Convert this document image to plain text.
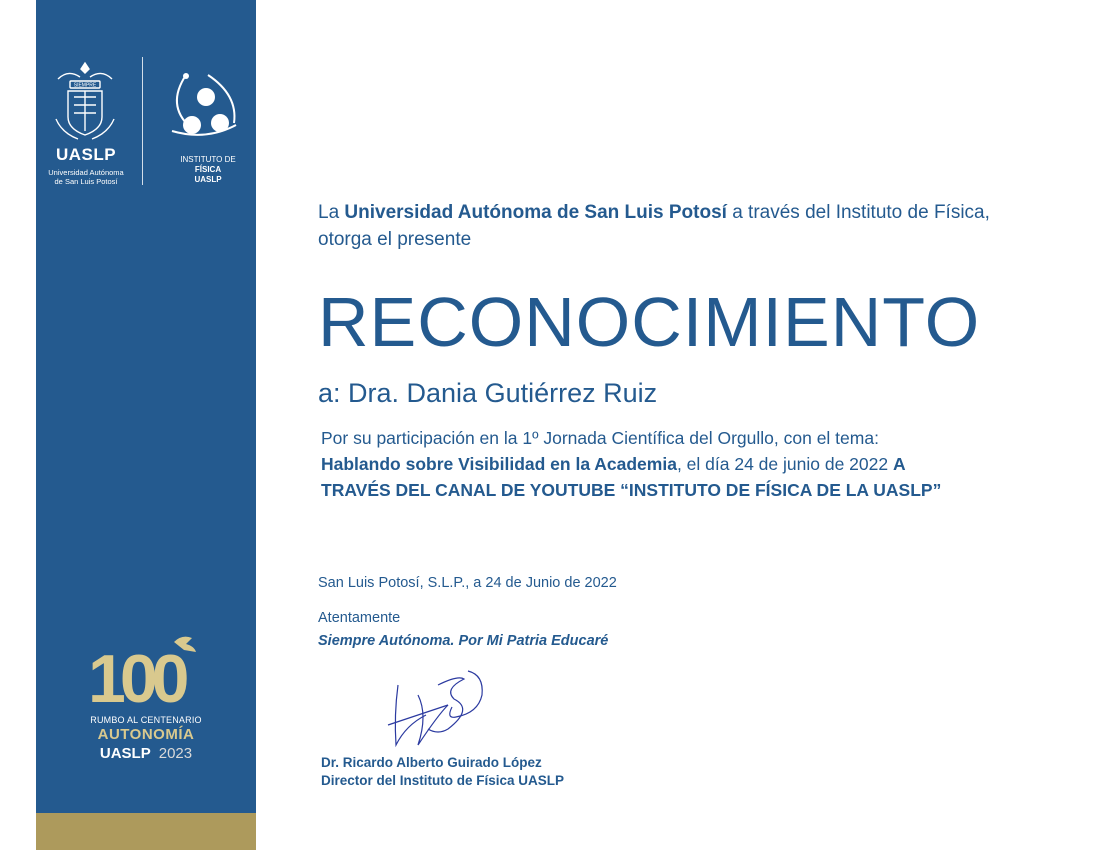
SIEMPRE
UASLP
Universidad Autónoma
de San Luis Potosí
INSTITUTO DE
FÍSICA
UASLP
100
RUMBO AL CENTENARIO
AUTONOMÍA
UASLP 2023
La Universidad Autónoma de San Luis Potosí a través del Instituto de Física,
otorga el presente
RECONOCIMIENTO
a: Dra. Dania Gutiérrez Ruiz
Por su participación en la 1º Jornada Científica del Orgullo, con el tema:
Hablando sobre Visibilidad en la Academia, el día 24 de junio de 2022 A
TRAVÉS DEL CANAL DE YOUTUBE “INSTITUTO DE FÍSICA DE LA UASLP”
San Luis Potosí, S.L.P., a 24 de Junio de 2022
Atentamente
Siempre Autónoma. Por Mi Patria Educaré
Dr. Ricardo Alberto Guirado López
Director del Instituto de Física UASLP
